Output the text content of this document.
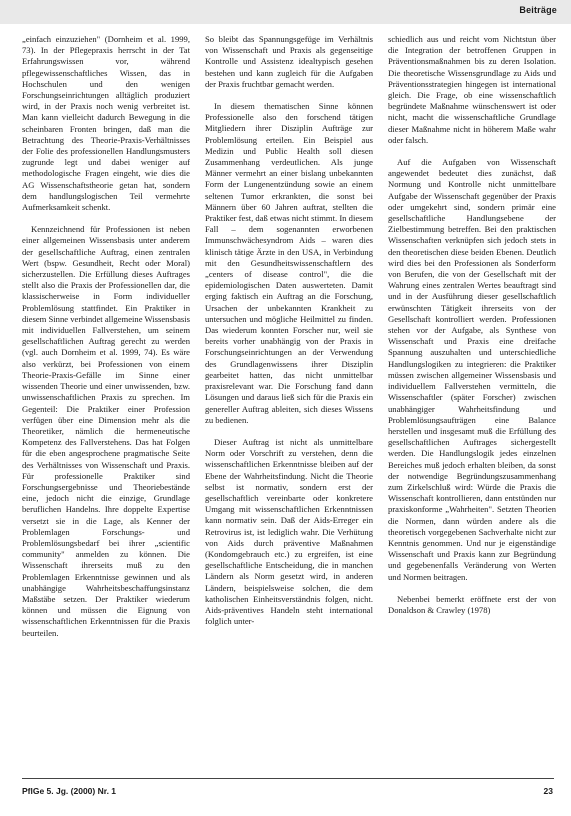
Beiträge

„einfach einzuziehen" (Dornheim et al. 1999, 73). In der Pflegepraxis herrscht in der Tat Erfahrungswissen vor, während pflegewissenschaftliches Wissen, das in Hochschulen und den wenigen Forschungseinrichtungen alltäglich produziert wird, in der Praxis noch wenig verbreitet ist. Man kann vielleicht dadurch Bewegung in die scheinbaren Fronten bringen, daß man die Betrachtung des Theorie-Praxis-Verhältnisses der Folie des professionellen Handlungsmusters zugrunde legt und dabei weniger auf methodologische Fragen eingeht, wie dies die AG Wissenschaftstheorie getan hat, sondern dem handlungslogischen Teil vermehrte Aufmerksamkeit schenkt.

Kennzeichnend für Professionen ist neben einer allgemeinen Wissensbasis unter anderem der gesellschaftliche Auftrag, einen zentralen Wert (bspw. Gesundheit, Recht oder Moral) sicherzustellen. Die Erfüllung dieses Auftrages stellt also die Praxis der Professionellen dar, die klassischerweise in Form individueller Problemlösung stattfindet. Ein Praktiker in diesem Sinne verbindet allgemeine Wissensbasis mit individuellen Fallverstehen, um seinem gesellschaftlichen Auftrag gerecht zu werden (vgl. auch Dornheim et al. 1999, 74). Es wäre also verkürzt, bei Professionen von einem Theorie-Praxis-Gefälle im Sinne einer wissenden Theorie und einer unwissenden, bzw. unwissenschaftlichen Praxis zu sprechen. Im Gegenteil: Die Praktiker einer Profession verfügen über eine Dimension mehr als die Theoretiker, nämlich die hermeneutische Kompetenz des Fallverstehens. Das hat Folgen für die eben angesprochene pragmatische Seite des Verhältnisses von Wissenschaft und Praxis. Für professionelle Praktiker sind Forschungsergebnisse und Theoriebestände eine, jedoch nicht die einzige, Grundlage beruflichen Handelns. Ihre doppelte Expertise versetzt sie in die Lage, als Kenner der Problemlagen Forschungs- und Problemlösungsbedarf bei ihrer „scientific community" anmelden zu können. Die Wissenschaft ihrerseits muß zu den Problemlagen Erkenntnisse gewinnen und als unabhängige Wahrheitsbeschaffungsinstanz Maßstäbe setzen. Der Praktiker wiederum können und müssen die Eignung von wissenschaftlichen Erkenntnissen für die Praxis beurteilen.

So bleibt das Spannungsgefüge im Verhältnis von Wissenschaft und Praxis als gegenseitige Kontrolle und Assistenz idealtypisch gesehen bestehen und kann zugleich für die Aufgaben der Praxis fruchtbar gemacht werden.

In diesem thematischen Sinne können Professionelle also den forschend tätigen Mitgliedern ihrer Disziplin Aufträge zur Problemlösung erteilen. Ein Beispiel aus Medizin und Public Health soll diesen Zusammenhang verdeutlichen. Als junge Männer vermehrt an einer bislang unbekannten Form der Lungenentzündung sowie an einem seltenen Tumor erkrankten, die sonst bei Männern über 60 Jahren auftrat, stellten die Praktiker fest, daß etwas nicht stimmt. In diesem Fall – dem sogenannten erworbenen Immunschwächesyndrom Aids – waren dies klinisch tätige Ärzte in den USA, in Verbindung mit den Gesundheitswissenschaftlern des „centers of disease control", die die epidemiologischen Daten auswerteten. Damit erging faktisch ein Auftrag an die Forschung, Ursachen der unbekannten Krankheit zu untersuchen und mögliche Heilmittel zu finden. Das wiederum konnten Forscher nur, weil sie bereits vorher unabhängig von der Praxis in Forschungseinrichtungen an der Verwendung des Grundlagenwissens ihrer Disziplin gearbeitet hatten, das nicht unmittelbar praxisrelevant war. Die Forschung fand dann Lösungen und daraus ließ sich für die Praxis ein genereller Auftrag ableiten, sich dieses Wissens zu bedienen.

Dieser Auftrag ist nicht als unmittelbare Norm oder Vorschrift zu verstehen, denn die wissenschaftlichen Erkenntnisse bleiben auf der Ebene der Wahrheitsfindung. Nicht die Theorie selbst ist normativ, sondern erst der gesellschaftlich vereinbarte oder konkretere Umgang mit wissenschaftlichen Erkenntnissen kann normativ sein. Daß der Aids-Erreger ein Retrovirus ist, ist lediglich wahr. Die Verhütung von Aids durch präventive Maßnahmen (Kondomgebrauch etc.) zu ergreifen, ist eine gesellschaftliche Entscheidung, die in manchen Ländern als Norm gesetzt wird, in anderen Ländern, beispielsweise solchen, die dem katholischen Einheitsverständnis folgen, nicht. Aids-präventives Handeln steht international folglich unter-

schiedlich aus und reicht vom Nichtstun über die Integration der betroffenen Gruppen in Präventionsmaßnahmen bis zu deren Isolation. Die theoretische Wissensgrundlage zu Aids und Präventionsstrategien hingegen ist international gleich. Die Frage, ob eine wissenschaftlich begründete Maßnahme wünschenswert ist oder nicht, macht die wissenschaftliche Grundlage dieser Maßnahme nicht in höherem Maße wahr oder falsch.

Auf die Aufgaben von Wissenschaft angewendet bedeutet dies zunächst, daß Normung und Kontrolle nicht unmittelbare Aufgabe der Wissenschaft gegenüber der Praxis oder umgekehrt sind, sondern primär eine gesellschaftliche Handlungsebene der Zielbestimmung betreffen. Bei den praktischen Wissenschaften verknüpfen sich jedoch stets in den theoretischen diese beiden Ebenen. Deutlich wird dies bei den Professionen als Sonderform von Berufen, die von der Gesellschaft mit der Wahrung eines zentralen Wertes beauftragt sind und in der Ausführung dieser gesellschaftlich erwünschten Tätigkeit ihrerseits von der Gesellschaft kontrolliert werden. Professionen stehen vor der Aufgabe, als Synthese von Wissenschaft und Praxis eine dreifache Spannung auszuhalten und unterschiedliche Handlungslogiken zu integrieren: die Praktiker müssen zwischen allgemeiner Wissensbasis und individuellem Fallverstehen vermitteln, die Wissenschaftler (später Forscher) zwischen unabhängiger Wahrheitsfindung und Problemlösungsaufträgen eine Balance herstellen und insgesamt muß die Erfüllung des gesellschaftlichen Auftrages sichergestellt werden. Die Handlungslogik jedes einzelnen Bereiches muß jedoch erhalten bleiben, da sonst der notwendige Begründungszusammenhang zum Zirkelschluß wird: Würde die Praxis die Wissenschaft kontrollieren, dann entstünden nur praxiskonforme „Wahrheiten". Setzten Theorien die Normen, dann würden andere als die theoretisch vorgegebenen Sachverhalte nicht zur Kenntnis genommen. Und nur je eigenständige Wissenschaft und Praxis kann zur Begründung und gegebenenfalls Veränderung von Werten und Normen beitragen.

Nebenbei bemerkt eröffnete erst der von Donaldson & Crawley (1978)

PflGe 5. Jg. (2000) Nr. 1	23
